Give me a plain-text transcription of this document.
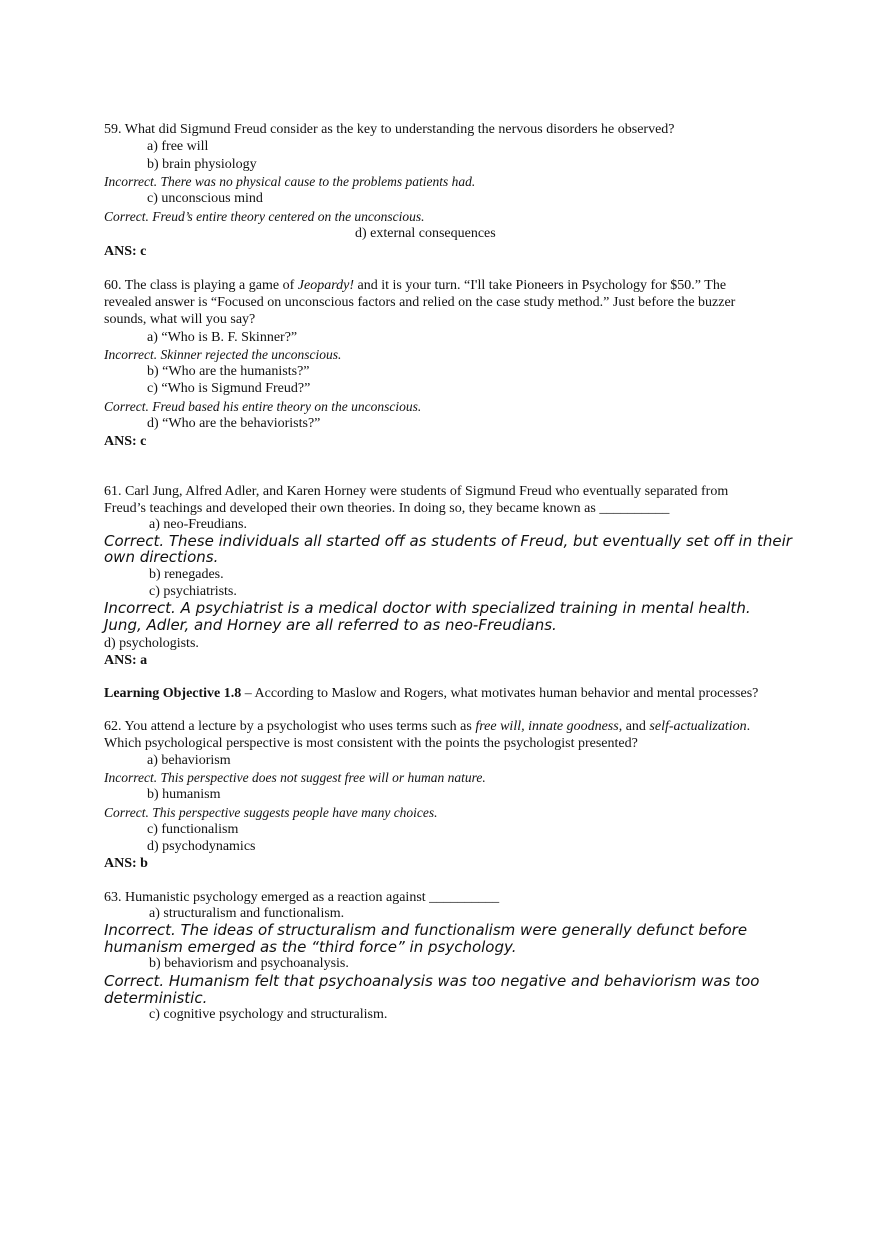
59. What did Sigmund Freud consider as the key to understanding the nervous disorders he observed?
a) free will
b) brain physiology
Incorrect. There was no physical cause to the problems patients had.
c) unconscious mind
Correct. Freud’s entire theory centered on the unconscious.
d) external consequences
ANS: c
60. The class is playing a game of Jeopardy! and it is your turn. “I'll take Pioneers in Psychology for $50.” The
revealed answer is “Focused on unconscious factors and relied on the case study method.” Just before the buzzer
sounds, what will you say?
a) “Who is B. F. Skinner?”
Incorrect. Skinner rejected the unconscious.
b) “Who are the humanists?”
c) “Who is Sigmund Freud?”
Correct. Freud based his entire theory on the unconscious.
d) “Who are the behaviorists?”
ANS: c
61. Carl Jung, Alfred Adler, and Karen Horney were students of Sigmund Freud who eventually separated from
Freud’s teachings and developed their own theories. In doing so, they became known as __________
a) neo-Freudians.
Correct. These individuals all started off as students of Freud, but eventually set off in their
own directions.
b) renegades.
c) psychiatrists.
Incorrect. A psychiatrist is a medical doctor with specialized training in mental health.
Jung, Adler, and Horney are all referred to as neo-Freudians.
d) psychologists.
ANS: a
Learning Objective 1.8 – According to Maslow and Rogers, what motivates human behavior and mental processes?
62. You attend a lecture by a psychologist who uses terms such as free will, innate goodness, and self-actualization.
Which psychological perspective is most consistent with the points the psychologist presented?
a) behaviorism
Incorrect. This perspective does not suggest free will or human nature.
b) humanism
Correct. This perspective suggests people have many choices.
c) functionalism
d) psychodynamics
ANS: b
63. Humanistic psychology emerged as a reaction against __________
a) structuralism and functionalism.
Incorrect. The ideas of structuralism and functionalism were generally defunct before
humanism emerged as the “third force” in psychology.
b) behaviorism and psychoanalysis.
Correct. Humanism felt that psychoanalysis was too negative and behaviorism was too
deterministic.
c) cognitive psychology and structuralism.
